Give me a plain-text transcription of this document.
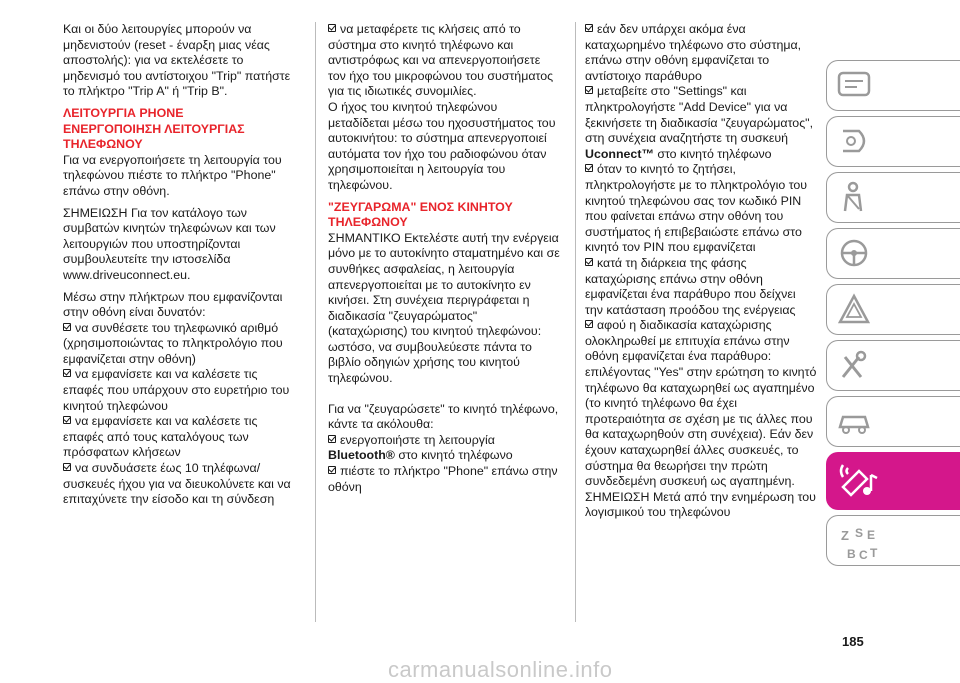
Και οι δύο λειτουργίες μπορούν να μηδενιστούν (reset - έναρξη μιας νέας αποστολής): για να εκτελέσετε το μηδενισμό του αντίστοιχου "Trip" πατήστε το πλήκτρο "Trip A" ή "Trip B".

ΛΕΙΤΟΥΡΓΙΑ PHONE

ΕΝΕΡΓΟΠΟΙΗΣΗ ΛΕΙΤΟΥΡΓΙΑΣ ΤΗΛΕΦΩΝΟΥ

Για να ενεργοποιήσετε τη λειτουργία του τηλεφώνου πιέστε το πλήκτρο "Phone" επάνω στην οθόνη.

ΣΗΜΕΙΩΣΗ Για τον κατάλογο των συμβατών κινητών τηλεφώνων και των λειτουργιών που υποστηρίζονται συμβουλευτείτε την ιστοσελίδα www.driveuconnect.eu.

Μέσω στην πλήκτρων που εμφανίζονται στην οθόνη είναι δυνατόν:

να συνθέσετε του τηλεφωνικό αριθμό (χρησιμοποιώντας το πληκτρολόγιο που εμφανίζεται στην οθόνη)

να εμφανίσετε και να καλέσετε τις επαφές που υπάρχουν στο ευρετήριο του κινητού τηλεφώνου

να εμφανίσετε και να καλέσετε τις επαφές από τους καταλόγους των πρόσφατων κλήσεων

να συνδυάσετε έως 10 τηλέφωνα/συσκευές ήχου για να διευκολύνετε και να επιταχύνετε την είσοδο και τη σύνδεση

να μεταφέρετε τις κλήσεις από το σύστημα στο κινητό τηλέφωνο και αντιστρόφως και να απενεργοποιήσετε τον ήχο του μικροφώνου του συστήματος για τις ιδιωτικές συνομιλίες.

Ο ήχος του κινητού τηλεφώνου μεταδίδεται μέσω του ηχοσυστήματος του αυτοκινήτου: το σύστημα απενεργοποιεί αυτόματα τον ήχο του ραδιοφώνου όταν χρησιμοποιείται η λειτουργία του τηλεφώνου.

"ΖΕΥΓΑΡΩΜΑ" ΕΝΟΣ ΚΙΝΗΤΟΥ ΤΗΛΕΦΩΝΟΥ

ΣΗΜΑΝΤΙΚΟ Εκτελέστε αυτή την ενέργεια μόνο με το αυτοκίνητο σταματημένο και σε συνθήκες ασφαλείας, η λειτουργία απενεργοποιείται με το αυτοκίνητο εν κινήσει. Στη συνέχεια περιγράφεται η διαδικασία "ζευγαρώματος" (καταχώρισης) του κινητού τηλεφώνου: ωστόσο, να συμβουλεύεστε πάντα το βιβλίο οδηγιών χρήσης του κινητού τηλεφώνου.

Για να "ζευγαρώσετε" το κινητό τηλέφωνο, κάντε τα ακόλουθα:

ενεργοποιήστε τη λειτουργία Bluetooth® στο κινητό τηλέφωνο

πιέστε το πλήκτρο "Phone" επάνω στην οθόνη

εάν δεν υπάρχει ακόμα ένα καταχωρημένο τηλέφωνο στο σύστημα, επάνω στην οθόνη εμφανίζεται το αντίστοιχο παράθυρο

μεταβείτε στο "Settings" και πληκτρολογήστε "Add Device" για να ξεκινήσετε τη διαδικασία "ζευγαρώματος", στη συνέχεια αναζητήστε τη συσκευή Uconnect™ στο κινητό τηλέφωνο

όταν το κινητό το ζητήσει, πληκτρολογήστε με το πληκτρολόγιο του κινητού τηλεφώνου σας τον κωδικό PIN που φαίνεται επάνω στην οθόνη του συστήματος ή επιβεβαιώστε επάνω στο κινητό τον PIN που εμφανίζεται

κατά τη διάρκεια της φάσης καταχώρισης επάνω στην οθόνη εμφανίζεται ένα παράθυρο που δείχνει την κατάσταση προόδου της ενέργειας

αφού η διαδικασία καταχώρισης ολοκληρωθεί με επιτυχία επάνω στην οθόνη εμφανίζεται ένα παράθυρο: επιλέγοντας "Yes" στην ερώτηση το κινητό τηλέφωνο θα καταχωρηθεί ως αγαπημένο (το κινητό τηλέφωνο θα έχει προτεραιότητα σε σχέση με τις άλλες που θα καταχωρηθούν στη συνέχεια). Εάν δεν έχουν καταχωρηθεί άλλες συσκευές, το σύστημα θα θεωρήσει την πρώτη συνδεδεμένη συσκευή ως αγαπημένη.

ΣΗΜΕΙΩΣΗ Μετά από την ενημέρωση του λογισμικού του τηλεφώνου

Z S E
B C T
185
carmanualsonline.info
